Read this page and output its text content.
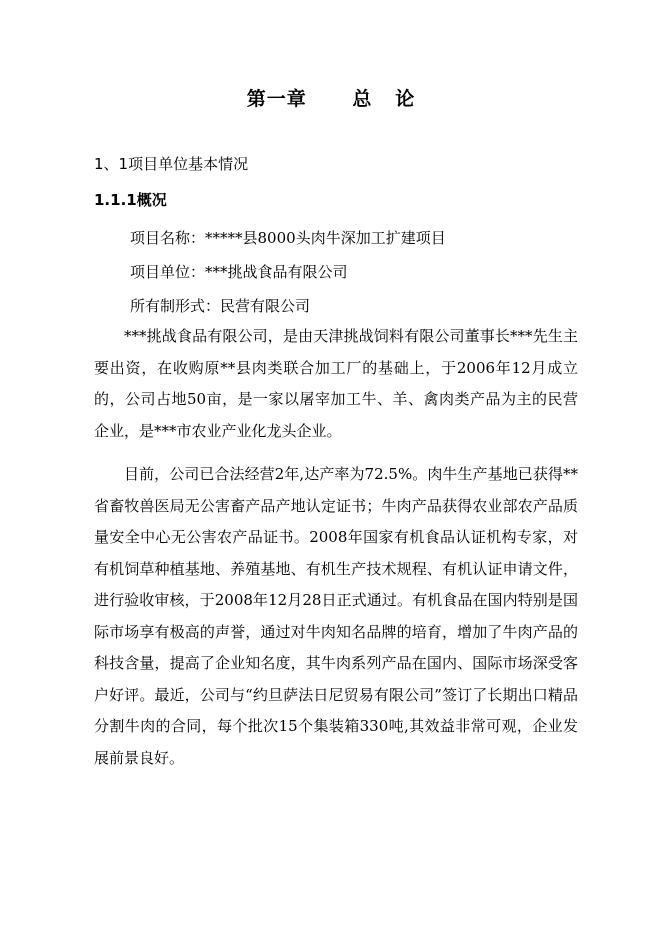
第一章      总   论
1、1项目单位基本情况
1.1.1概况
项目名称：*****县8000头肉牛深加工扩建项目
项目单位：***挑战食品有限公司
所有制形式：民营有限公司

***挑战食品有限公司，是由天津挑战饲料有限公司董事长***先生主要出资，在收购原**县肉类联合加工厂的基础上，于2006年12月成立的，公司占地50亩，是一家以屠宰加工牛、羊、禽肉类产品为主的民营企业，是***市农业产业化龙头企业。

目前，公司已合法经营2年,达产率为72.5%。肉牛生产基地已获得**省畜牧兽医局无公害畜产品产地认定证书；牛肉产品获得农业部农产品质量安全中心无公害农产品证书。2008年国家有机食品认证机构专家，对有机饲草种植基地、养殖基地、有机生产技术规程、有机认证申请文件，进行验收审核，于2008年12月28日正式通过。有机食品在国内特别是国际市场享有极高的声誉，通过对牛肉知名品牌的培育，增加了牛肉产品的科技含量，提高了企业知名度，其牛肉系列产品在国内、国际市场深受客户好评。最近，公司与“约旦萨法日尼贸易有限公司”签订了长期出口精品分割牛肉的合同，每个批次15个集装箱330吨,其效益非常可观，企业发展前景良好。
